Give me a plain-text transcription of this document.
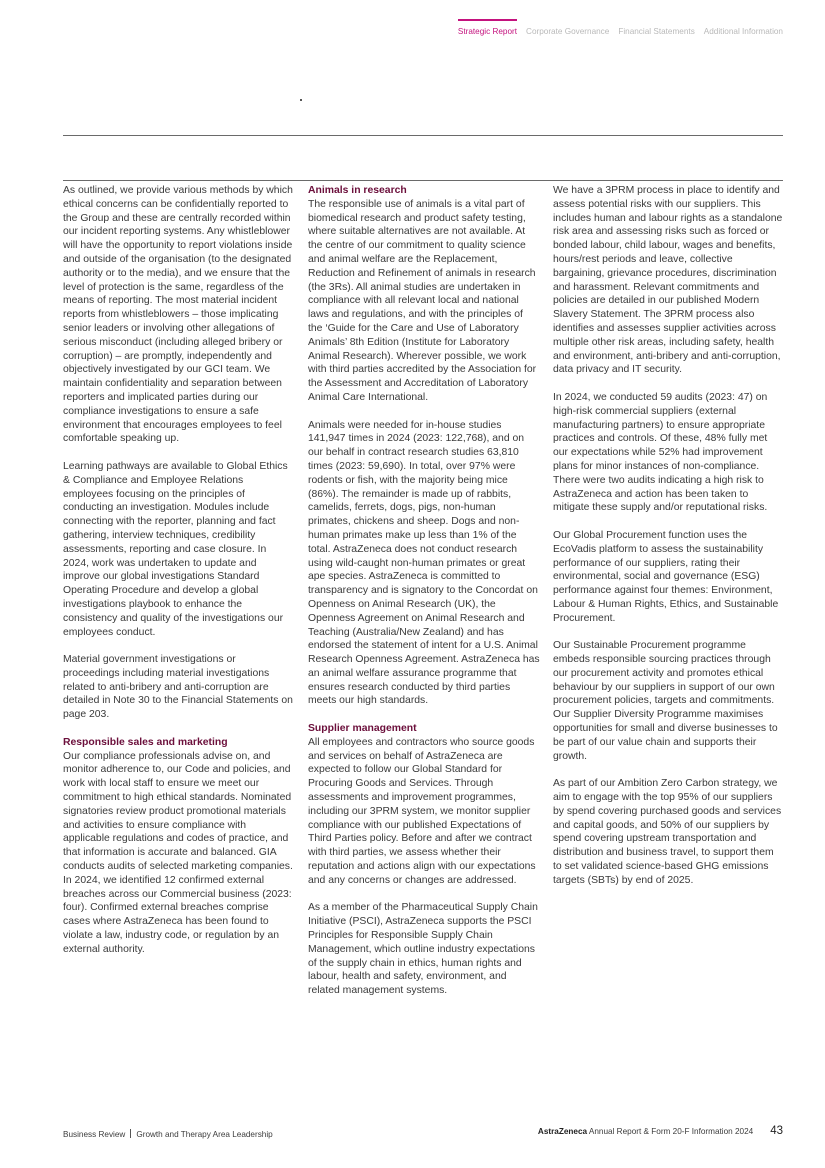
Strategic Report Corporate Governance Financial Statements Additional Information

As outlined, we provide various methods by which ethical concerns can be confidentially reported to the Group and these are centrally recorded within our incident reporting systems. Any whistleblower will have the opportunity to report violations inside and outside of the organisation (to the designated authority or to the media), and we ensure that the level of protection is the same, regardless of the means of reporting. The most material incident reports from whistleblowers – those implicating senior leaders or involving other allegations of serious misconduct (including alleged bribery or corruption) – are promptly, independently and objectively investigated by our GCI team. We maintain confidentiality and separation between reporters and implicated parties during our compliance investigations to ensure a safe environment that encourages employees to feel comfortable speaking up.

Learning pathways are available to Global Ethics & Compliance and Employee Relations employees focusing on the principles of conducting an investigation. Modules include connecting with the reporter, planning and fact gathering, interview techniques, credibility assessments, reporting and case closure. In 2024, work was undertaken to update and improve our global investigations Standard Operating Procedure and develop a global investigations playbook to enhance the consistency and quality of the investigations our employees conduct.

Material government investigations or proceedings including material investigations related to anti-bribery and anti-corruption are detailed in Note 30 to the Financial Statements on page 203.

Responsible sales and marketing

Our compliance professionals advise on, and monitor adherence to, our Code and policies, and work with local staff to ensure we meet our commitment to high ethical standards. Nominated signatories review product promotional materials and activities to ensure compliance with applicable regulations and codes of practice, and that information is accurate and balanced. GIA conducts audits of selected marketing companies. In 2024, we identified 12 confirmed external breaches across our Commercial business (2023: four). Confirmed external breaches comprise cases where AstraZeneca has been found to violate a law, industry code, or regulation by an external authority.

Animals in research

The responsible use of animals is a vital part of biomedical research and product safety testing, where suitable alternatives are not available. At the centre of our commitment to quality science and animal welfare are the Replacement, Reduction and Refinement of animals in research (the 3Rs). All animal studies are undertaken in compliance with all relevant local and national laws and regulations, and with the principles of the ‘Guide for the Care and Use of Laboratory Animals’ 8th Edition (Institute for Laboratory Animal Research). Wherever possible, we work with third parties accredited by the Association for the Assessment and Accreditation of Laboratory Animal Care International.

Animals were needed for in-house studies 141,947 times in 2024 (2023: 122,768), and on our behalf in contract research studies 63,810 times (2023: 59,690). In total, over 97% were rodents or fish, with the majority being mice (86%). The remainder is made up of rabbits, camelids, ferrets, dogs, pigs, non-human primates, chickens and sheep. Dogs and non-human primates make up less than 1% of the total. AstraZeneca does not conduct research using wild-caught non-human primates or great ape species. AstraZeneca is committed to transparency and is signatory to the Concordat on Openness on Animal Research (UK), the Openness Agreement on Animal Research and Teaching (Australia/New Zealand) and has endorsed the statement of intent for a U.S. Animal Research Openness Agreement. AstraZeneca has an animal welfare assurance programme that ensures research conducted by third parties meets our high standards.

Supplier management

All employees and contractors who source goods and services on behalf of AstraZeneca are expected to follow our Global Standard for Procuring Goods and Services. Through assessments and improvement programmes, including our 3PRM system, we monitor supplier compliance with our published Expectations of Third Parties policy. Before and after we contract with third parties, we assess whether their reputation and actions align with our expectations and any concerns or changes are addressed.

As a member of the Pharmaceutical Supply Chain Initiative (PSCI), AstraZeneca supports the PSCI Principles for Responsible Supply Chain Management, which outline industry expectations of the supply chain in ethics, human rights and labour, health and safety, environment, and related management systems.

We have a 3PRM process in place to identify and assess potential risks with our suppliers. This includes human and labour rights as a standalone risk area and assessing risks such as forced or bonded labour, child labour, wages and benefits, hours/rest periods and leave, collective bargaining, grievance procedures, discrimination and harassment. Relevant commitments and policies are detailed in our published Modern Slavery Statement. The 3PRM process also identifies and assesses supplier activities across multiple other risk areas, including safety, health and environment, anti-bribery and anti-corruption, data privacy and IT security.

In 2024, we conducted 59 audits (2023: 47) on high-risk commercial suppliers (external manufacturing partners) to ensure appropriate practices and controls. Of these, 48% fully met our expectations while 52% had improvement plans for minor instances of non-compliance. There were two audits indicating a high risk to AstraZeneca and action has been taken to mitigate these supply and/or reputational risks.

Our Global Procurement function uses the EcoVadis platform to assess the sustainability performance of our suppliers, rating their environmental, social and governance (ESG) performance against four themes: Environment, Labour & Human Rights, Ethics, and Sustainable Procurement.

Our Sustainable Procurement programme embeds responsible sourcing practices through our procurement activity and promotes ethical behaviour by our suppliers in support of our own procurement policies, targets and commitments. Our Supplier Diversity Programme maximises opportunities for small and diverse businesses to be part of our value chain and supports their growth.

As part of our Ambition Zero Carbon strategy, we aim to engage with the top 95% of our suppliers by spend covering purchased goods and services and capital goods, and 50% of our suppliers by spend covering upstream transportation and distribution and business travel, to support them to set validated science-based GHG emissions targets (SBTs) by end of 2025.

Business Review Growth and Therapy Area Leadership	AstraZeneca Annual Report & Form 20-F Information 2024 43
